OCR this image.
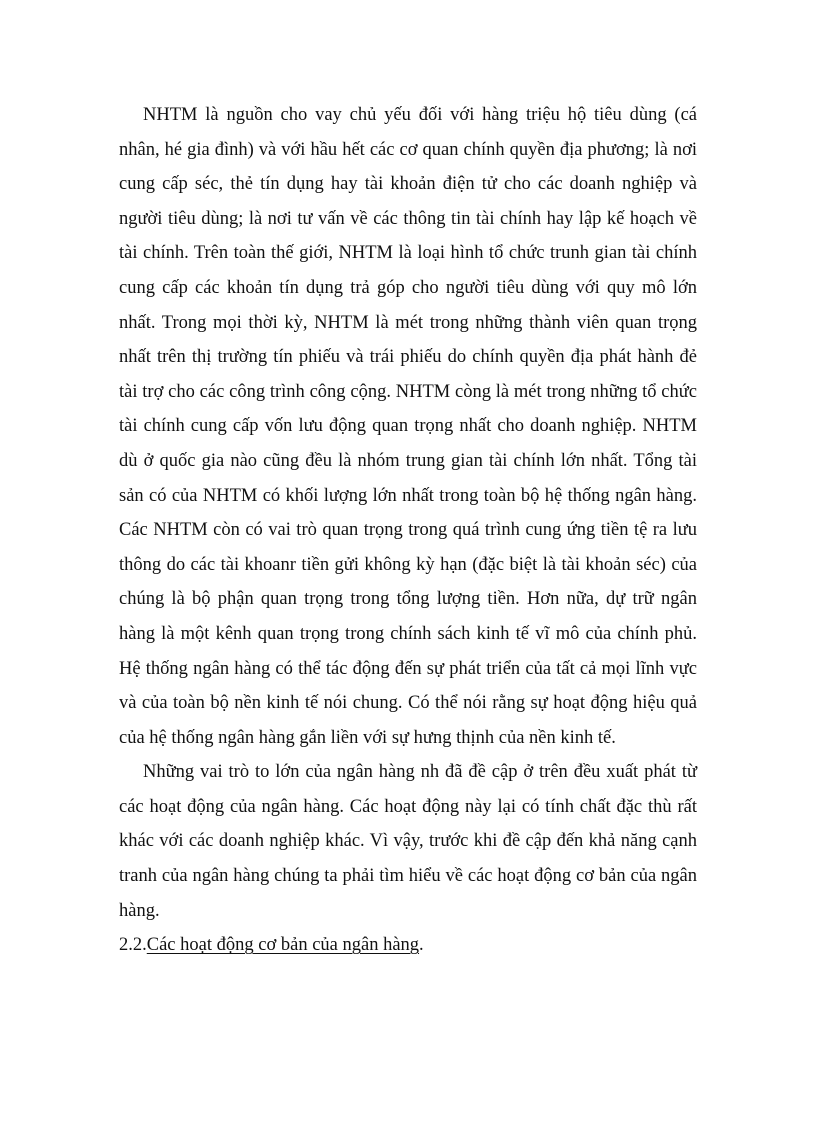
NHTM là nguồn cho vay chủ yếu đối với hàng triệu hộ tiêu dùng (cá nhân, hé gia đình) và với hầu hết các cơ quan chính quyền địa phương; là nơi cung cấp séc, thẻ tín dụng hay tài khoản điện tử cho các doanh nghiệp và người tiêu dùng; là nơi tư vấn về các thông tin tài chính hay lập kế hoạch về tài chính. Trên toàn thế giới, NHTM là loại hình tổ chức trunh gian tài chính cung cấp các khoản tín dụng trả góp cho người tiêu dùng với quy mô lớn nhất. Trong mọi thời kỳ, NHTM là mét trong những thành viên quan trọng nhất trên thị trường tín phiếu và trái phiếu do chính quyền địa phát hành đẻ tài trợ cho các công trình công cộng. NHTM còng là mét trong những tổ chức tài chính cung cấp vốn lưu động quan trọng nhất cho doanh nghiệp. NHTM dù ở quốc gia nào cũng đều là nhóm trung gian tài chính lớn nhất. Tổng tài sản có của NHTM có khối lượng lớn nhất trong toàn bộ hệ thống ngân hàng. Các NHTM còn có vai trò quan trọng trong quá trình cung ứng tiền tệ ra lưu thông do các tài khoanr tiền gửi không kỳ hạn (đặc biệt là tài khoản séc) của chúng là bộ phận quan trọng trong tổng lượng tiền. Hơn nữa, dự trữ ngân hàng là một kênh quan trọng trong chính sách kinh tế vĩ mô của chính phủ. Hệ thống ngân hàng có thể tác động đến sự phát triển của tất cả mọi lĩnh vực và của toàn bộ nền kinh tế nói chung. Có thể nói rằng sự hoạt động hiệu quả của hệ thống ngân hàng gắn liền với sự hưng thịnh của nền kinh tế.

Những vai trò to lớn của ngân hàng nh đã đề cập ở trên đều xuất phát từ các hoạt động của ngân hàng. Các hoạt động này lại có tính chất đặc thù rất khác với các doanh nghiệp khác. Vì vậy, trước khi đề cập đến khả năng cạnh tranh của ngân hàng chúng ta phải tìm hiểu về các hoạt động cơ bản của ngân hàng.

2.2.Các hoạt động cơ bản của ngân hàng.
